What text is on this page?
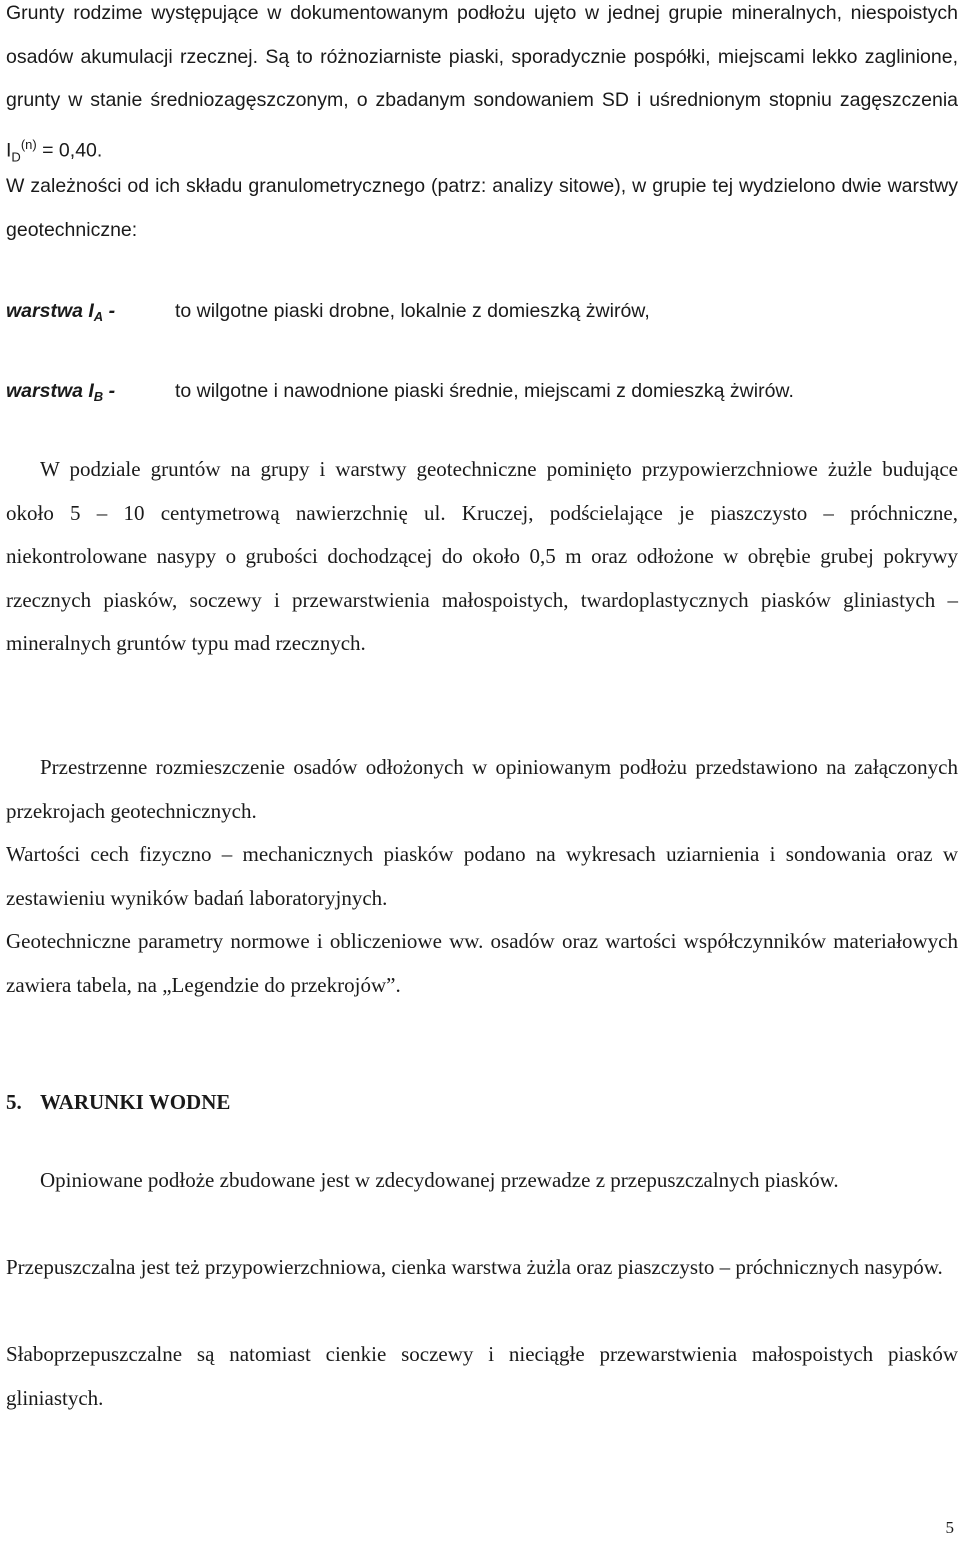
Grunty rodzime występujące w dokumentowanym podłożu ujęto w jednej grupie mineralnych, niespoistych osadów akumulacji rzecznej. Są to różnoziarniste piaski, sporadycznie pospółki, miejscami lekko zaglinione, grunty w stanie średniozagęszczonym, o zbadanym sondowaniem SD i uśrednionym stopniu zagęszczenia $I_D^{(n)} = 0,40$.

W zależności od ich składu granulometrycznego (patrz: analizy sitowe), w grupie tej wydzielono dwie warstwy geotechniczne:

warstwa $I_A$ -	to wilgotne piaski drobne, lokalnie z domieszką żwirów,
warstwa $I_B$ -	to wilgotne i nawodnione piaski średnie, miejscami z domieszką żwirów.

W podziale gruntów na grupy i warstwy geotechniczne pominięto przypowierzchniowe żużle budujące około 5 – 10 centymetrową nawierzchnię ul. Kruczej, podścielające je piaszczysto – próchniczne, niekontrolowane nasypy o grubości dochodzącej do około 0,5 m oraz odłożone w obrębie grubej pokrywy rzecznych piasków, soczewy i przewarstwienia małospoistych, twardoplastycznych piasków gliniastych – mineralnych gruntów typu mad rzecznych.

Przestrzenne rozmieszczenie osadów odłożonych w opiniowanym podłożu przedstawiono na załączonych przekrojach geotechnicznych.

Wartości cech fizyczno – mechanicznych piasków podano na wykresach uziarnienia i sondowania oraz w zestawieniu wyników badań laboratoryjnych.

Geotechniczne parametry normowe i obliczeniowe ww. osadów oraz wartości współczynników materiałowych zawiera tabela, na „Legendzie do przekrojów”.

5. WARUNKI WODNE

Opiniowane podłoże zbudowane jest w zdecydowanej przewadze z przepuszczalnych piasków.

Przepuszczalna jest też przypowierzchniowa, cienka warstwa żużla oraz piaszczysto – próchnicznych nasypów.

Słaboprzepuszczalne są natomiast cienkie soczewy i nieciągłe przewarstwienia małospoistych piasków gliniastych.

5
